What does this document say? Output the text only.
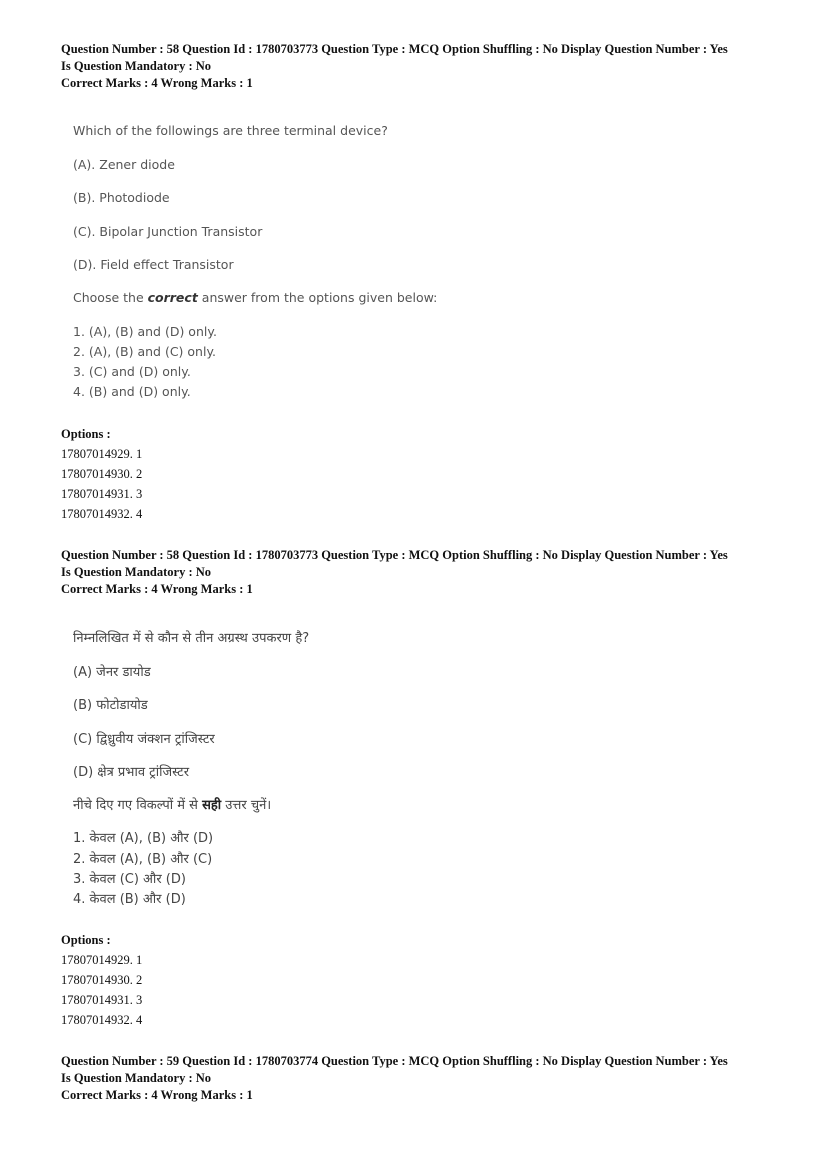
Question Number : 58 Question Id : 1780703773 Question Type : MCQ Option Shuffling : No Display Question Number : Yes
Is Question Mandatory : No
Correct Marks : 4 Wrong Marks : 1
Which of the followings are three terminal device?
(A). Zener diode
(B). Photodiode
(C). Bipolar Junction Transistor
(D). Field effect Transistor
Choose the correct answer from the options given below:
1. (A), (B) and (D) only.
2. (A), (B) and (C) only.
3. (C) and (D) only.
4. (B) and (D) only.
Options :
17807014929. 1
17807014930. 2
17807014931. 3
17807014932. 4
Question Number : 58 Question Id : 1780703773 Question Type : MCQ Option Shuffling : No Display Question Number : Yes
Is Question Mandatory : No
Correct Marks : 4 Wrong Marks : 1
निम्नलिखित में से कौन से तीन अग्रस्थ उपकरण है?
(A) जेनर डायोड
(B) फोटोडायोड
(C) द्विध्रुवीय जंक्शन ट्रांजिस्टर
(D) क्षेत्र प्रभाव ट्रांजिस्टर
नीचे दिए गए विकल्पों में से सही उत्तर चुनें।
1. केवल (A), (B) और (D)
2. केवल (A), (B) और (C)
3. केवल (C) और (D)
4. केवल (B) और (D)
Options :
17807014929. 1
17807014930. 2
17807014931. 3
17807014932. 4
Question Number : 59 Question Id : 1780703774 Question Type : MCQ Option Shuffling : No Display Question Number : Yes
Is Question Mandatory : No
Correct Marks : 4 Wrong Marks : 1
